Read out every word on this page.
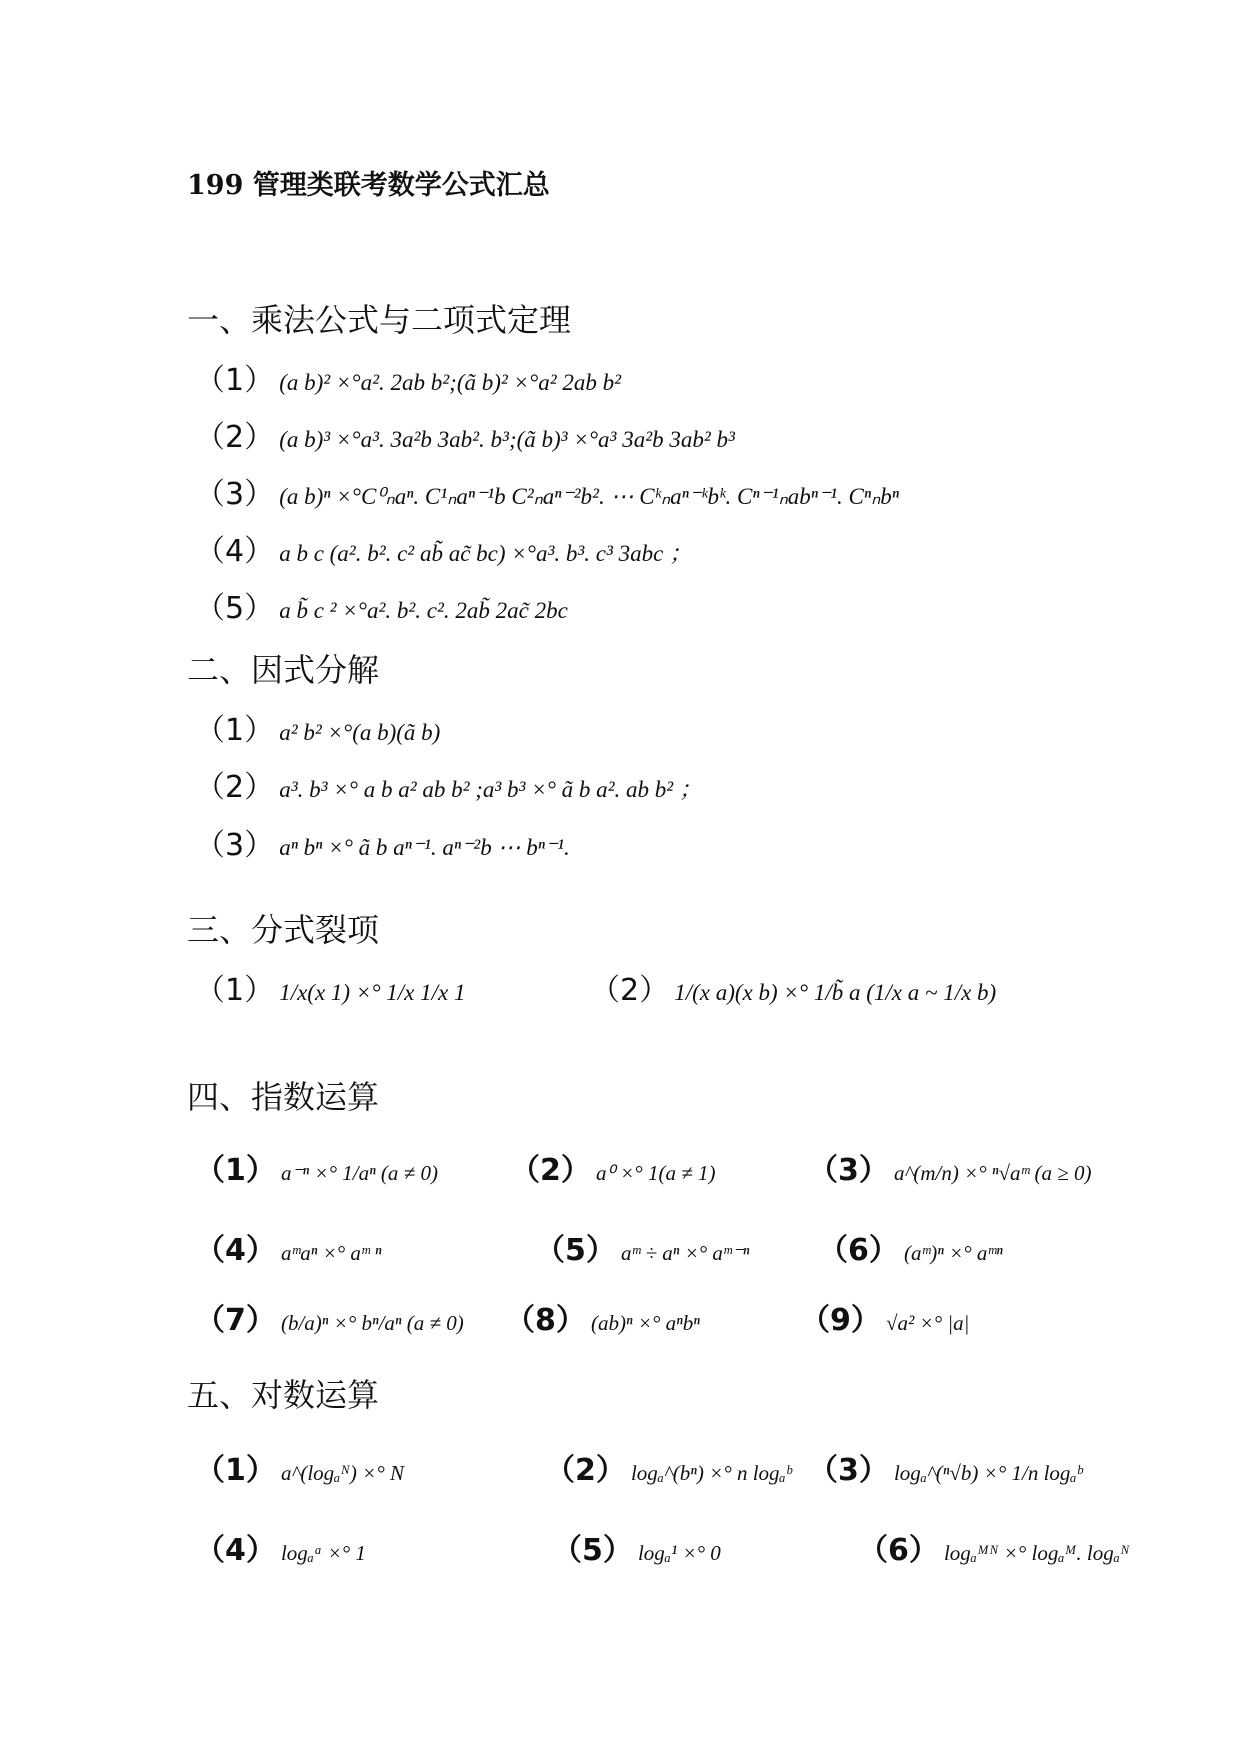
199 管理类联考数学公式汇总
一、乘法公式与二项式定理
（1） (a b)² ×°a². 2ab b²;(ã b)² ×°a² 2ab b²
（2） (a b)³ ×°a³. 3a²b 3ab². b³;(ã b)³ ×°a³ 3a²b 3ab² b³
（3） (a b)ⁿ ×°C⁰ₙaⁿ. C¹ₙaⁿ⁻¹b C²ₙaⁿ⁻²b². ⋯ Cᵏₙaⁿ⁻ᵏbᵏ. Cⁿ⁻¹ₙabⁿ⁻¹. Cⁿₙbⁿ
（4） a b c (a². b². c² ab̃ ac̃ bc) ×°a³. b³. c³ 3abc ；
（5） a b̃ c ² ×°a². b². c². 2ab̃ 2ac̃ 2bc
二、因式分解
（1） a² b² ×°(a b)(ã b)
（2） a³. b³ ×° a b a² ab b² ;a³ b³ ×° ã b a². ab b² ；
（3） aⁿ bⁿ ×° ã b aⁿ⁻¹. aⁿ⁻²b ⋯ bⁿ⁻¹.
三、分式裂项
（1） 1/x(x 1) ×° 1/x 1/x 1	（2） 1/(x a)(x b) ×° 1/b̃ a (1/x a ~ 1/x b)
四、指数运算
（1） a⁻ⁿ ×° 1/aⁿ (a ≠ 0) （2） a⁰ ×° 1(a ≠ 1)	（3） a^(m/n) ×° ⁿ√aᵐ (a ≥ 0)
（4） aᵐaⁿ ×° aᵐ ⁿ	（5） aᵐ ÷ aⁿ ×° aᵐ⁻ⁿ （6） (aᵐ)ⁿ ×° aᵐⁿ
（7） (b/a)ⁿ ×° bⁿ/aⁿ (a ≠ 0) （8） (ab)ⁿ ×° aⁿbⁿ	（9） √a² ×° |a|
五、对数运算
（1） a^(logₐᴺ) ×° N	（2） logₐ^(bⁿ) ×° n logₐᵇ （3） logₐ^(ⁿ√b) ×° 1/n logₐᵇ
（4） logₐᵃ ×° 1	（5） logₐ¹ ×° 0	（6） logₐᴹᴺ ×° logₐᴹ. logₐᴺ
